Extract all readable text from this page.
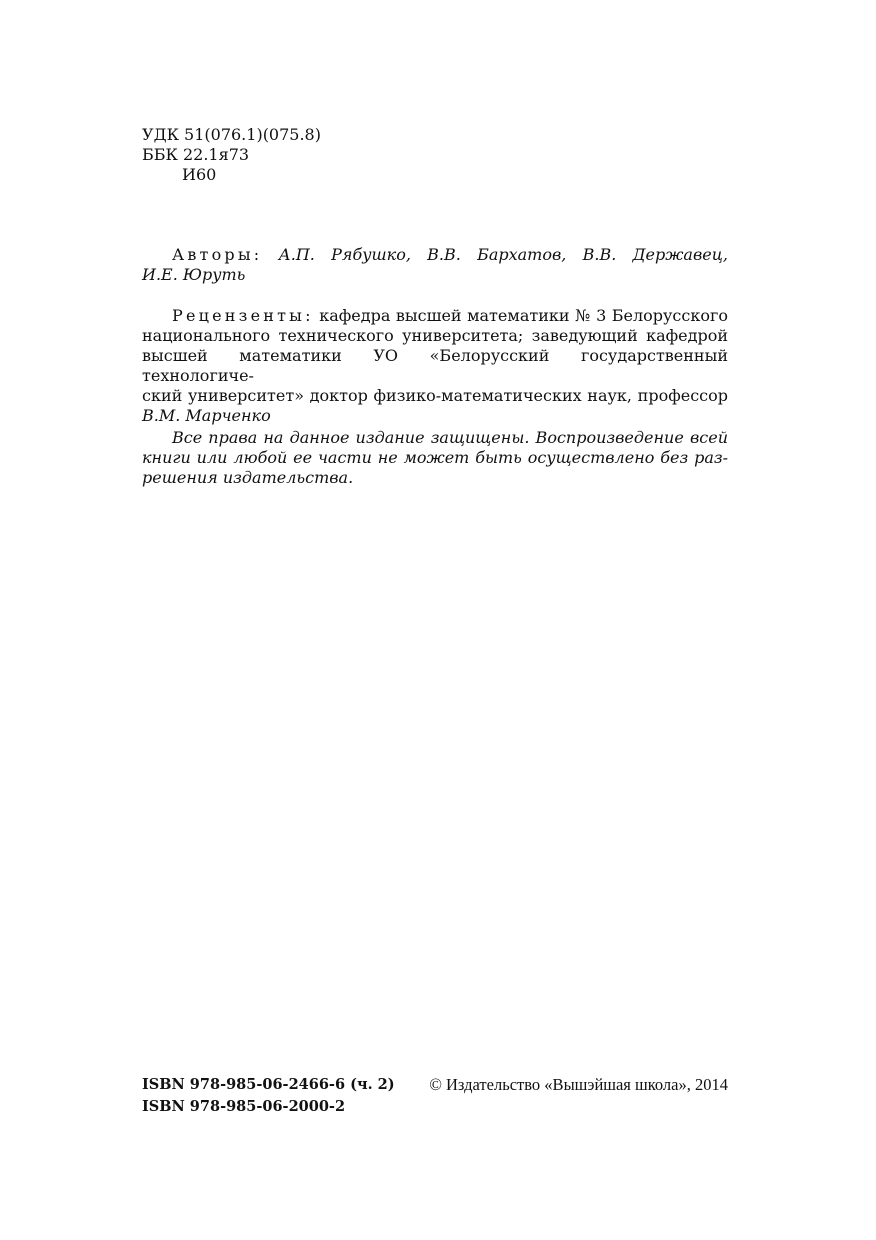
УДК 51(076.1)(075.8)
ББК 22.1я73
И60
Авторы: А.П. Рябушко, В.В. Бархатов, В.В. Державец,
И.Е. Юруть
Рецензенты: кафедра высшей математики № 3 Белорусского
национального технического университета; заведующий кафедрой
высшей математики УО «Белорусский государственный технологиче-
ский университет» доктор физико-математических наук, профессор
В.М. Марченко
Все права на данное издание защищены. Воспроизведение всей
книги или любой ее части не может быть осуществлено без раз-
решения издательства.
ISBN 978-985-06-2466-6 (ч. 2)
ISBN 978-985-06-2000-2
© Издательство «Вышэйшая школа», 2014
